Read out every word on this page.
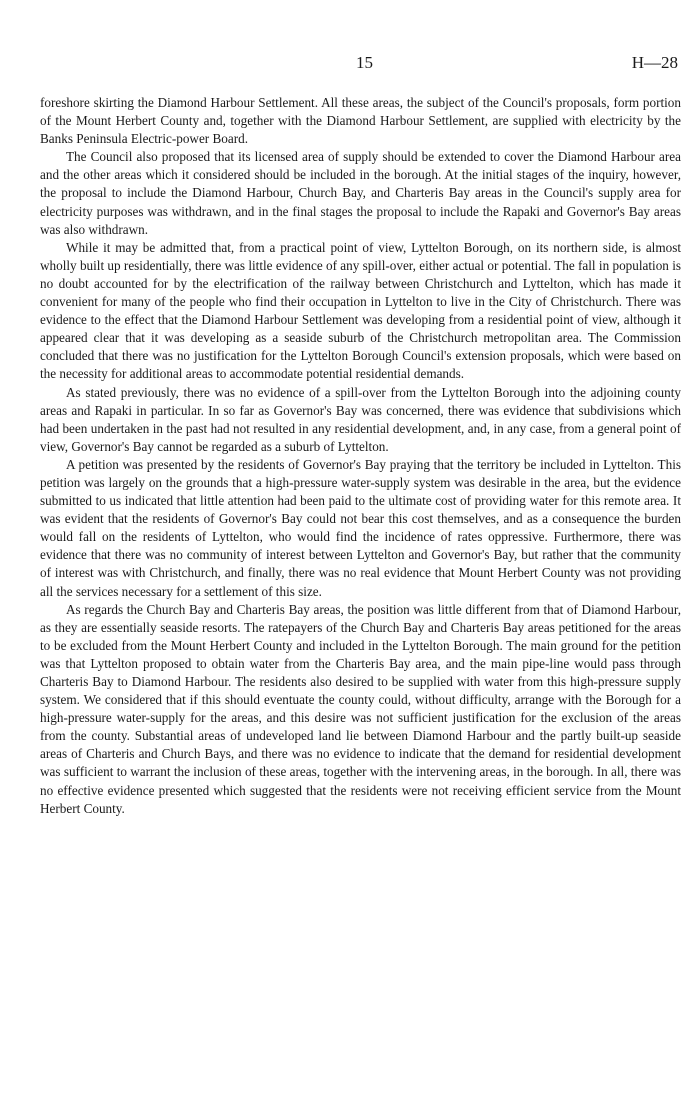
15	H—28

foreshore skirting the Diamond Harbour Settlement. All these areas, the subject of the Council's proposals, form portion of the Mount Herbert County and, together with the Diamond Harbour Settlement, are supplied with electricity by the Banks Peninsula Electric-power Board.

The Council also proposed that its licensed area of supply should be extended to cover the Diamond Harbour area and the other areas which it considered should be included in the borough. At the initial stages of the inquiry, however, the proposal to include the Diamond Harbour, Church Bay, and Charteris Bay areas in the Council's supply area for electricity purposes was withdrawn, and in the final stages the proposal to include the Rapaki and Governor's Bay areas was also withdrawn.

While it may be admitted that, from a practical point of view, Lyttelton Borough, on its northern side, is almost wholly built up residentially, there was little evidence of any spill-over, either actual or potential. The fall in population is no doubt accounted for by the electrification of the railway between Christchurch and Lyttelton, which has made it convenient for many of the people who find their occupation in Lyttelton to live in the City of Christchurch. There was evidence to the effect that the Diamond Harbour Settlement was developing from a residential point of view, although it appeared clear that it was developing as a seaside suburb of the Christchurch metropolitan area. The Commission concluded that there was no justification for the Lyttelton Borough Council's extension proposals, which were based on the necessity for additional areas to accommodate potential residential demands.

As stated previously, there was no evidence of a spill-over from the Lyttelton Borough into the adjoining county areas and Rapaki in particular. In so far as Governor's Bay was concerned, there was evidence that subdivisions which had been undertaken in the past had not resulted in any residential development, and, in any case, from a general point of view, Governor's Bay cannot be regarded as a suburb of Lyttelton.

A petition was presented by the residents of Governor's Bay praying that the territory be included in Lyttelton. This petition was largely on the grounds that a high-pressure water-supply system was desirable in the area, but the evidence submitted to us indicated that little attention had been paid to the ultimate cost of providing water for this remote area. It was evident that the residents of Governor's Bay could not bear this cost themselves, and as a consequence the burden would fall on the residents of Lyttelton, who would find the incidence of rates oppressive. Furthermore, there was evidence that there was no community of interest between Lyttelton and Governor's Bay, but rather that the community of interest was with Christchurch, and finally, there was no real evidence that Mount Herbert County was not providing all the services necessary for a settlement of this size.

As regards the Church Bay and Charteris Bay areas, the position was little different from that of Diamond Harbour, as they are essentially seaside resorts. The ratepayers of the Church Bay and Charteris Bay areas petitioned for the areas to be excluded from the Mount Herbert County and included in the Lyttelton Borough. The main ground for the petition was that Lyttelton proposed to obtain water from the Charteris Bay area, and the main pipe-line would pass through Charteris Bay to Diamond Harbour. The residents also desired to be supplied with water from this high-pressure supply system. We considered that if this should eventuate the county could, without difficulty, arrange with the Borough for a high-pressure water-supply for the areas, and this desire was not sufficient justification for the exclusion of the areas from the county. Substantial areas of undeveloped land lie between Diamond Harbour and the partly built-up seaside areas of Charteris and Church Bays, and there was no evidence to indicate that the demand for residential development was sufficient to warrant the inclusion of these areas, together with the intervening areas, in the borough. In all, there was no effective evidence presented which suggested that the residents were not receiving efficient service from the Mount Herbert County.
